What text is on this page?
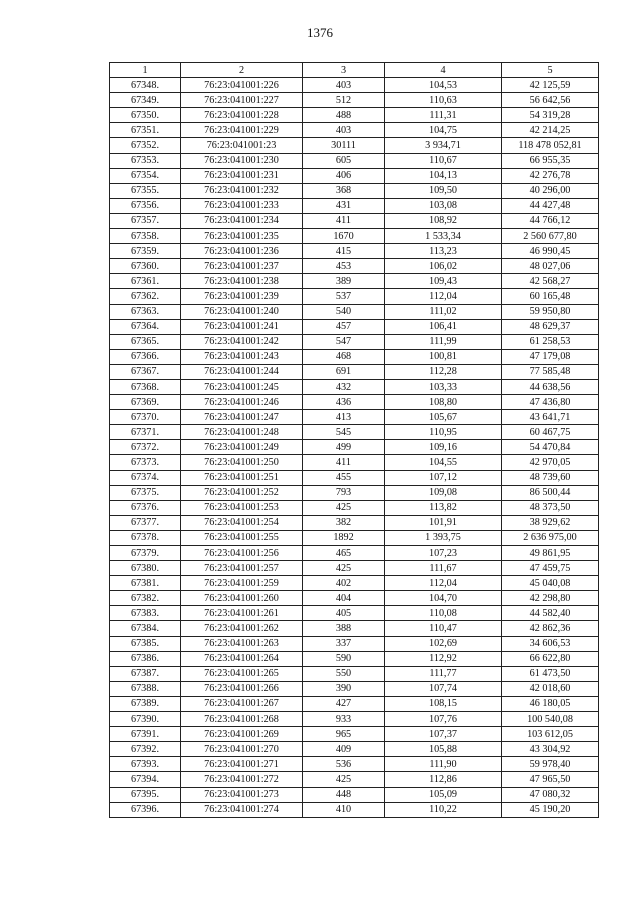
1376
1	2	3	4	5
67348.	76:23:041001:226	403	104,53	42 125,59
67349.	76:23:041001:227	512	110,63	56 642,56
67350.	76:23:041001:228	488	111,31	54 319,28
67351.	76:23:041001:229	403	104,75	42 214,25
67352.	76:23:041001:23	30111	3 934,71	118 478 052,81
67353.	76:23:041001:230	605	110,67	66 955,35
67354.	76:23:041001:231	406	104,13	42 276,78
67355.	76:23:041001:232	368	109,50	40 296,00
67356.	76:23:041001:233	431	103,08	44 427,48
67357.	76:23:041001:234	411	108,92	44 766,12
67358.	76:23:041001:235	1670	1 533,34	2 560 677,80
67359.	76:23:041001:236	415	113,23	46 990,45
67360.	76:23:041001:237	453	106,02	48 027,06
67361.	76:23:041001:238	389	109,43	42 568,27
67362.	76:23:041001:239	537	112,04	60 165,48
67363.	76:23:041001:240	540	111,02	59 950,80
67364.	76:23:041001:241	457	106,41	48 629,37
67365.	76:23:041001:242	547	111,99	61 258,53
67366.	76:23:041001:243	468	100,81	47 179,08
67367.	76:23:041001:244	691	112,28	77 585,48
67368.	76:23:041001:245	432	103,33	44 638,56
67369.	76:23:041001:246	436	108,80	47 436,80
67370.	76:23:041001:247	413	105,67	43 641,71
67371.	76:23:041001:248	545	110,95	60 467,75
67372.	76:23:041001:249	499	109,16	54 470,84
67373.	76:23:041001:250	411	104,55	42 970,05
67374.	76:23:041001:251	455	107,12	48 739,60
67375.	76:23:041001:252	793	109,08	86 500,44
67376.	76:23:041001:253	425	113,82	48 373,50
67377.	76:23:041001:254	382	101,91	38 929,62
67378.	76:23:041001:255	1892	1 393,75	2 636 975,00
67379.	76:23:041001:256	465	107,23	49 861,95
67380.	76:23:041001:257	425	111,67	47 459,75
67381.	76:23:041001:259	402	112,04	45 040,08
67382.	76:23:041001:260	404	104,70	42 298,80
67383.	76:23:041001:261	405	110,08	44 582,40
67384.	76:23:041001:262	388	110,47	42 862,36
67385.	76:23:041001:263	337	102,69	34 606,53
67386.	76:23:041001:264	590	112,92	66 622,80
67387.	76:23:041001:265	550	111,77	61 473,50
67388.	76:23:041001:266	390	107,74	42 018,60
67389.	76:23:041001:267	427	108,15	46 180,05
67390.	76:23:041001:268	933	107,76	100 540,08
67391.	76:23:041001:269	965	107,37	103 612,05
67392.	76:23:041001:270	409	105,88	43 304,92
67393.	76:23:041001:271	536	111,90	59 978,40
67394.	76:23:041001:272	425	112,86	47 965,50
67395.	76:23:041001:273	448	105,09	47 080,32
67396.	76:23:041001:274	410	110,22	45 190,20
